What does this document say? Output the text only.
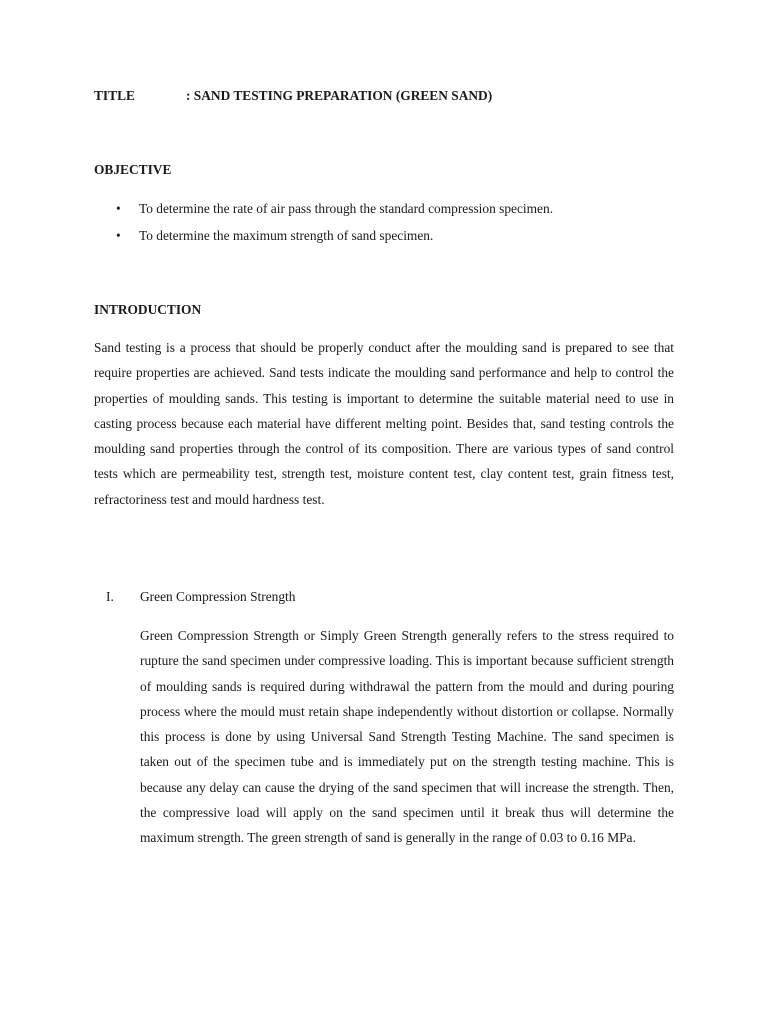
TITLE	: SAND TESTING PREPARATION (GREEN SAND)
OBJECTIVE
• To determine the rate of air pass through the standard compression specimen.
• To determine the maximum strength of sand specimen.
INTRODUCTION

Sand testing is a process that should be properly conduct after the moulding sand is prepared to see that require properties are achieved. Sand tests indicate the moulding sand performance and help to control the properties of moulding sands. This testing is important to determine the suitable material need to use in casting process because each material have different melting point. Besides that, sand testing controls the moulding sand properties through the control of its composition. There are various types of sand control tests which are permeability test, strength test, moisture content test, clay content test, grain fitness test, refractoriness test and mould hardness test.

I. Green Compression Strength

Green Compression Strength or Simply Green Strength generally refers to the stress required to rupture the sand specimen under compressive loading. This is important because sufficient strength of moulding sands is required during withdrawal the pattern from the mould and during pouring process where the mould must retain shape independently without distortion or collapse. Normally this process is done by using Universal Sand Strength Testing Machine. The sand specimen is taken out of the specimen tube and is immediately put on the strength testing machine. This is because any delay can cause the drying of the sand specimen that will increase the strength. Then, the compressive load will apply on the sand specimen until it break thus will determine the maximum strength. The green strength of sand is generally in the range of 0.03 to 0.16 MPa.
